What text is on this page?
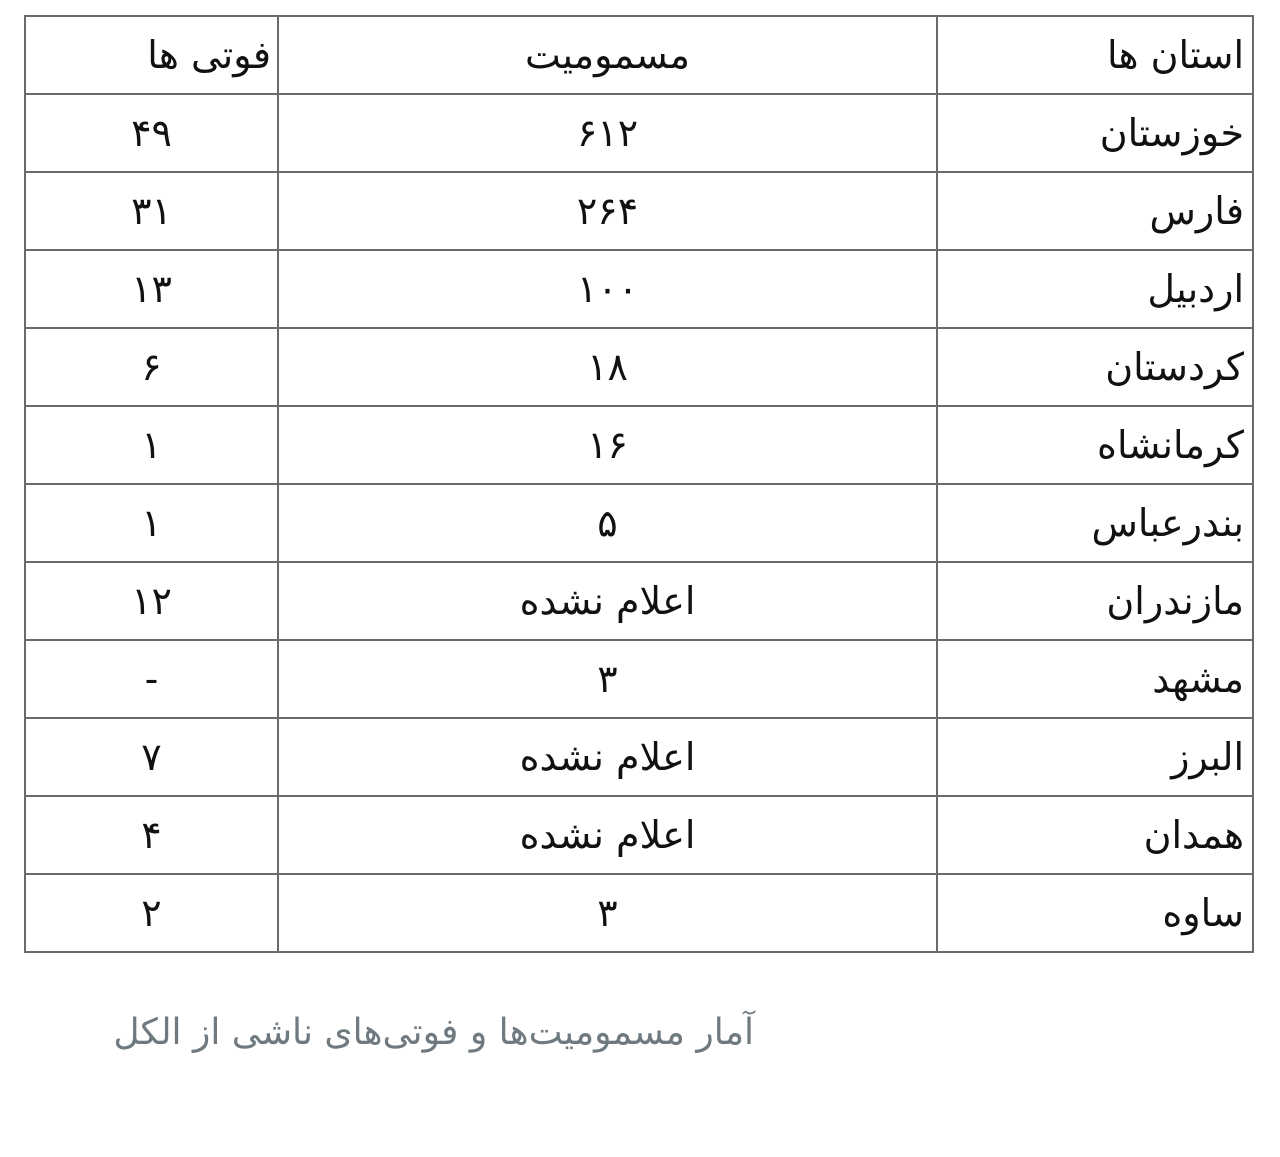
استان ها	مسمومیت	فوتی ها
خوزستان	۶۱۲	۴۹
فارس	۲۶۴	۳۱
اردبیل	۱۰۰	۱۳
کردستان	۱۸	۶
کرمانشاه	۱۶	۱
بندرعباس	۵	۱
مازندران	اعلام نشده	۱۲
مشهد	۳	-
البرز	اعلام نشده	۷
همدان	اعلام نشده	۴
ساوه	۳	۲
آمار مسمومیت‌ها و فوتی‌های ناشی از الکل
